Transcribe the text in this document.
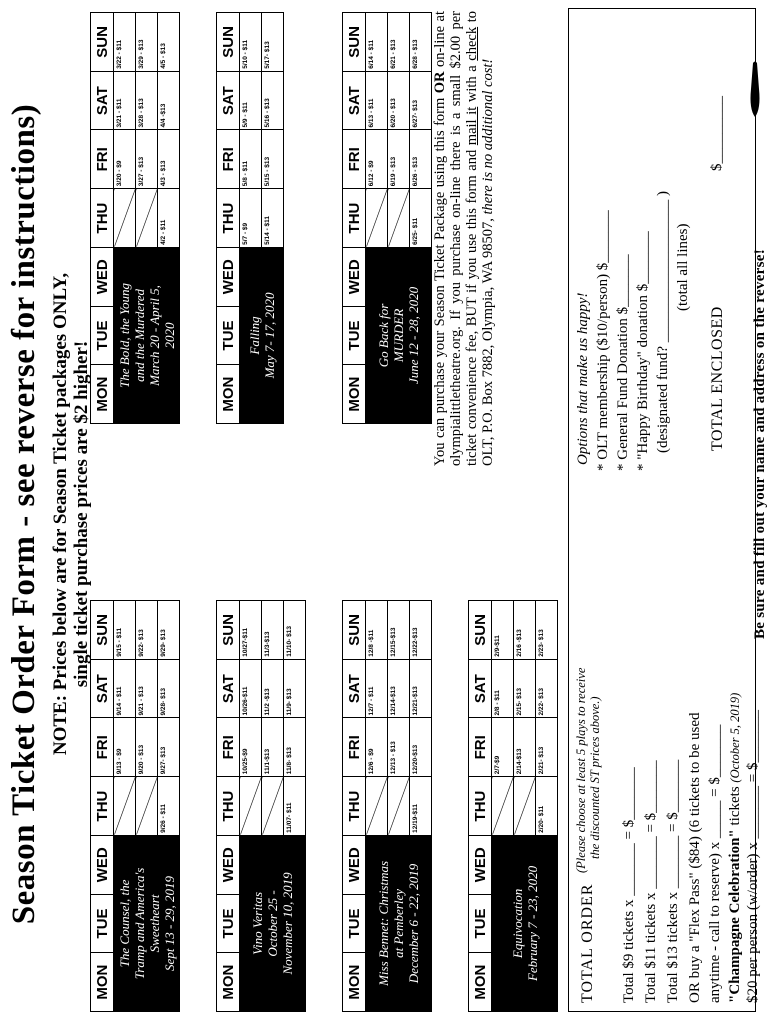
Season Ticket Order Form - see reverse for instructions) NOTE: Prices below are for Season Ticket packages ONLY, single ticket purchase prices are $2 higher!
MON	TUE	WED	THU	FRI	SAT	SUN

The Counsel, the Tramp and America's Sweetheart Sept 13 - 29, 2019				9/13 - $9	9/14 - $11	9/15 - $11
				9/20 - $13	9/21 - $13	9/22- $13
			9/26 - $11	9/27- $13	9/28- $13	9/29- $13
MON	TUE	WED	THU	FRI	SAT	SUN

Vino Veritas October 25 - November 10, 2019				10/25-$9	10/26-$11	10/27-$11
				11/1-$13	11/2 -$13	11/3-$13
			11/07- $11	11/8- $13	11/9- $13	11/10- $13
MON	TUE	WED	THU	FRI	SAT	SUN

Miss Bennet: Christmas at Pemberley December 6 - 22, 2019				12/6 - $9	12/7 - $11	12/8 -$11
				12/13 - $13	12/14-$13	12/15-$13
			12/19-$11	12/20-$13	12/21-$13	12/22-$13
MON	TUE	WED	THU	FRI	SAT	SUN

Equivocation February 7 - 23, 2020				2/7-$9	2/8 - $11	2/9-$11
				2/14-$13	2/15- $13	2/16 -$13
			2/20- $11	2/21- $13	2/22- $13	2/23- $13
MON	TUE	WED	THU	FRI	SAT	SUN

The Bold, the Young and the Murdered March 20 - April 5, 2020				3/20 - $9	3/21 - $11	3/22 - $11
				3/27 - $13	3/28 - $13	3/29 - $13
			4/2 - $11	4/3 - $13	4/4 -$13	4/5 - $13
MON	TUE	WED	THU	FRI	SAT	SUN

Falling May 7- 17, 2020			5/7 - $9	5/8 - $11	5/9 - $11	5/10 - $11
			5/14 - $11	5/15 - $13	5/16 - $13	5/17- $13

MON	TUE	WED	THU	FRI	SAT	SUN

Go Back for MURDER June 12 - 28, 2020				6/12 - $9	6/13 - $11	6/14 - $11
				6/19 - $13	6/20 - $13	6/21 - $13
			6/25- $11	6/26 - $13	6/27- $13	6/28 - $13
You can purchase your Season Ticket Package using this form OR on-line at olympialittletheatre.org. If you purchase on-line there is a small $2.00 per ticket convenience fee, BUT if you use this form and mail it with a check to OLT, P.O. Box 7882, Olympia, WA 98507, there is no additional cost!
TOTAL ORDER
(Please choose at least 5 plays to receive the discounted ST prices above.) Total $9 tickets x _______ = $_______ Total $11 tickets x _______ = $_______ Total $13 tickets x _______ = $_______ OR buy a "Flex Pass" ($84) (6 tickets to be used anytime - call to reserve) x _____ = $_______ "Champagne Celebration" tickets (October 5, 2019) $20 per person (w/order) x _______ = $_______
Options that make us happy! * OLT membership ($10/person) $_______ * General Fund Donation $_______ * "Happy Birthday" donation $_______ (designated fund? ___________________ ) (total all lines)
TOTAL ENCLOSED
$_________
Be sure and fill out your name and address on the reverse!
